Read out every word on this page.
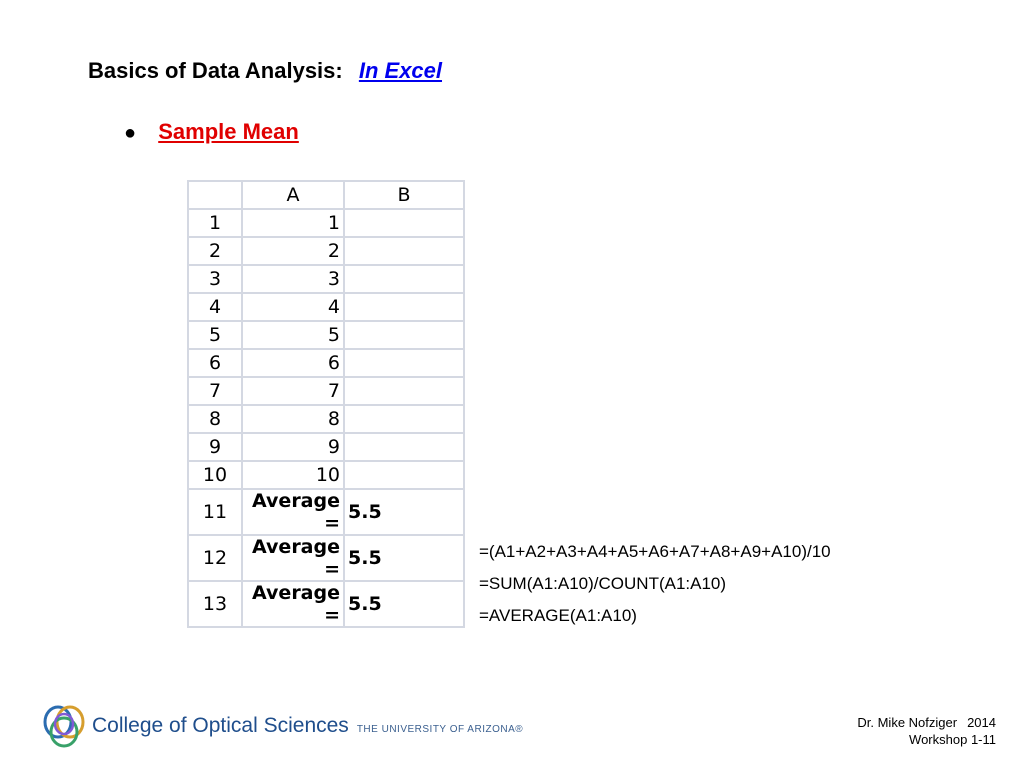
Basics of Data Analysis: In Excel
● Sample Mean
	A	B
1	1	
2	2	
3	3	
4	4	
5	5	
6	6	
7	7	
8	8	
9	9	
10	10	
11	Average =	5.5
12	Average =	5.5
13	Average =	5.5
=(A1+A2+A3+A4+A5+A6+A7+A8+A9+A10)/10
=SUM(A1:A10)/COUNT(A1:A10)
=AVERAGE(A1:A10)
College of Optical Sciences THE UNIVERSITY OF ARIZONA®	Dr. Mike Nofziger 2014
Workshop 1-11
